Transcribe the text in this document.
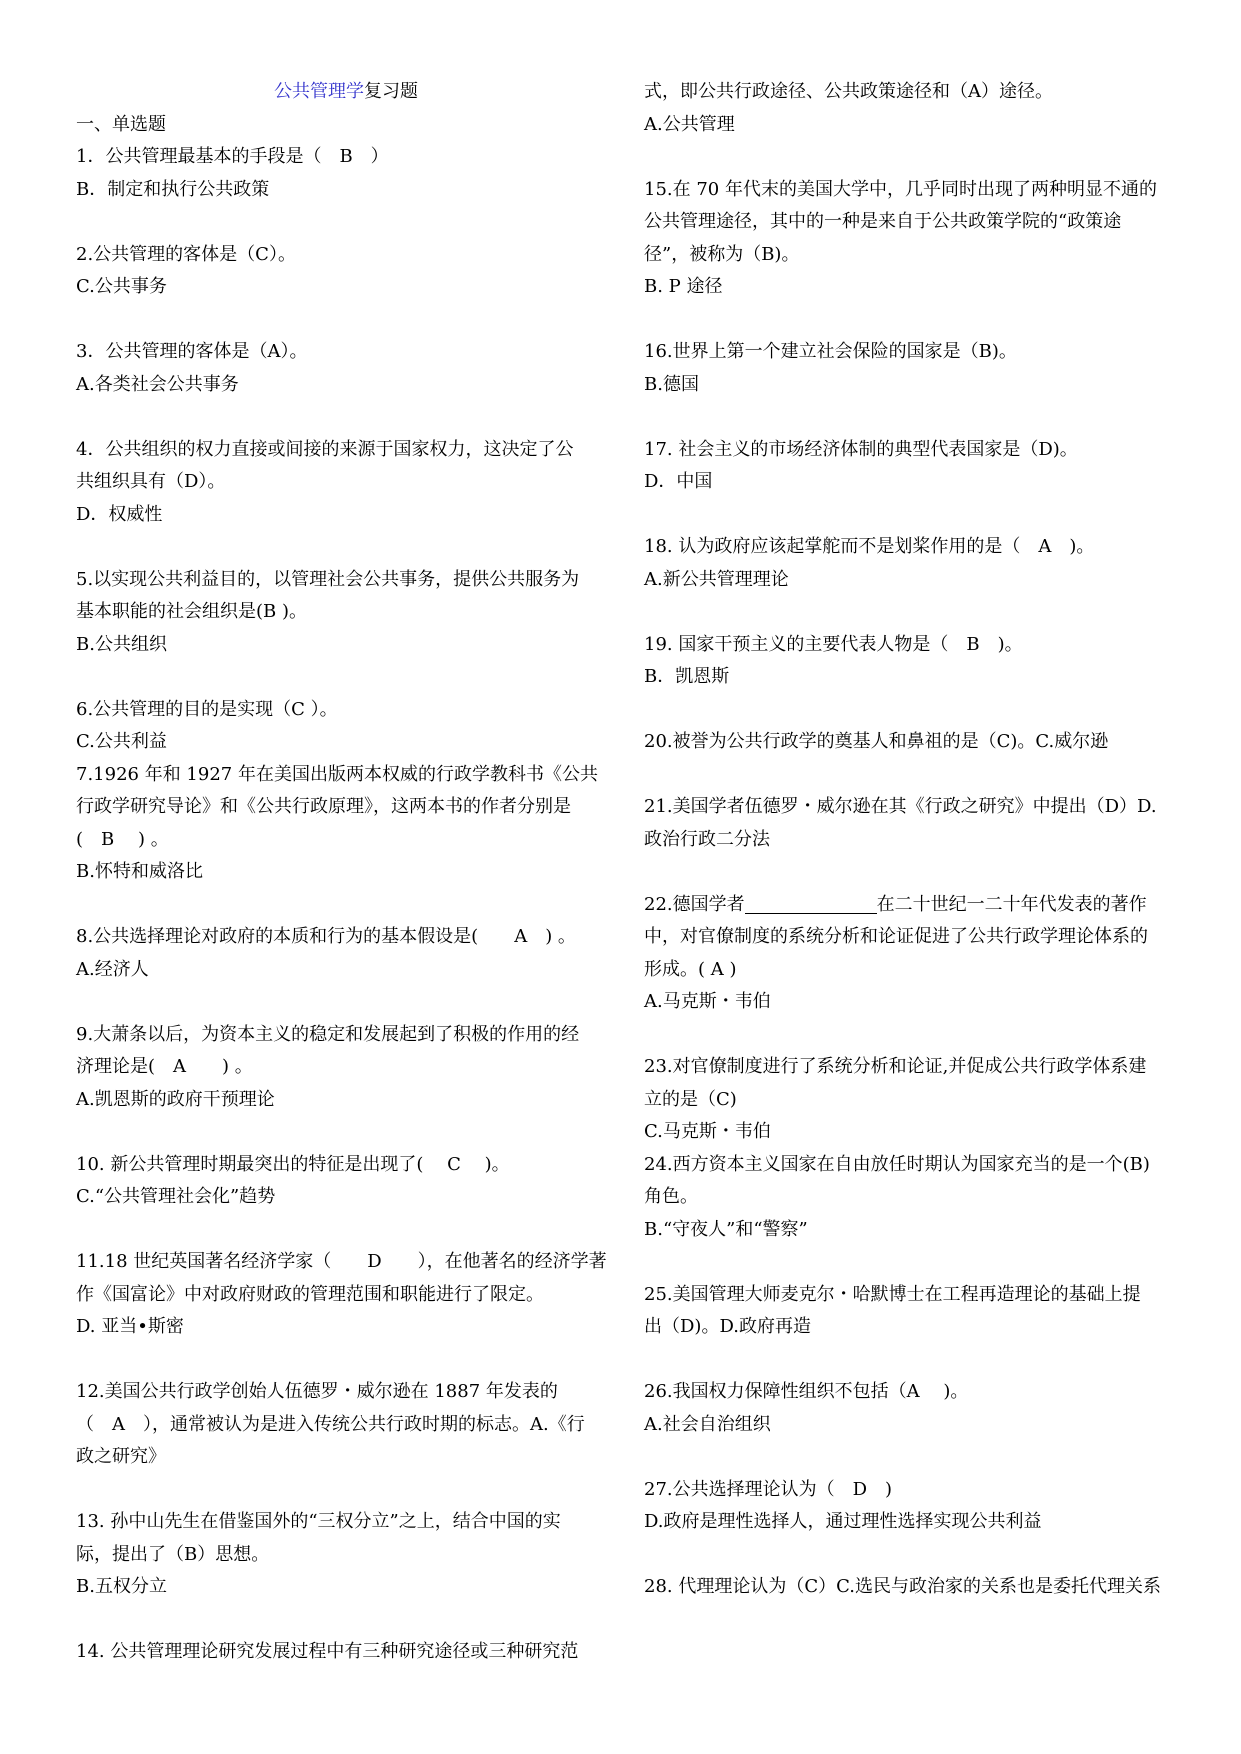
公共管理学复习题
一、单选题
1．公共管理最基本的手段是（　B　）
B．制定和执行公共政策
2.公共管理的客体是（C）。
C.公共事务
3．公共管理的客体是（A）。
A.各类社会公共事务
4．公共组织的权力直接或间接的来源于国家权力，这决定了公
共组织具有（D）。
D．权威性
5.以实现公共利益目的，以管理社会公共事务，提供公共服务为
基本职能的社会组织是(B )。
B.公共组织
6.公共管理的目的是实现（C ）。
C.公共利益
7.1926 年和 1927 年在美国出版两本权威的行政学教科书《公共
行政学研究导论》和《公共行政原理》，这两本书的作者分别是
(　B　 ) 。
B.怀特和威洛比
8.公共选择理论对政府的本质和行为的基本假设是(　　A　) 。
A.经济人
9.大萧条以后，为资本主义的稳定和发展起到了积极的作用的经
济理论是(　A　　) 。
A.凯恩斯的政府干预理论
10. 新公共管理时期最突出的特征是出现了(　 C　 )。
C.“公共管理社会化”趋势
11.18 世纪英国著名经济学家（　　D　　），在他著名的经济学著
作《国富论》中对政府财政的管理范围和职能进行了限定。
D. 亚当•斯密
12.美国公共行政学创始人伍德罗・威尔逊在 1887 年发表的
（　A　），通常被认为是进入传统公共行政时期的标志。A.《行
政之研究》
13. 孙中山先生在借鉴国外的“三权分立”之上，结合中国的实
际，提出了（B）思想。
B.五权分立
14. 公共管理理论研究发展过程中有三种研究途径或三种研究范
式，即公共行政途径、公共政策途径和（A）途径。
A.公共管理
15.在 70 年代末的美国大学中，几乎同时出现了两种明显不通的
公共管理途径，其中的一种是来自于公共政策学院的“政策途
径”，被称为（B)。
B. P 途径
16.世界上第一个建立社会保险的国家是（B)。
B.德国
17. 社会主义的市场经济体制的典型代表国家是（D)。
D．中国
18. 认为政府应该起掌舵而不是划桨作用的是（　A　)。
A.新公共管理理论
19. 国家干预主义的主要代表人物是（　B　)。
B．凯恩斯
20.被誉为公共行政学的奠基人和鼻祖的是（C)。C.威尔逊
21.美国学者伍德罗・威尔逊在其《行政之研究》中提出（D）D.
政治行政二分法
22.德国学者	在二十世纪一二十年代发表的著作
中，对官僚制度的系统分析和论证促进了公共行政学理论体系的
形成。( A )
A.马克斯・韦伯
23.对官僚制度进行了系统分析和论证,并促成公共行政学体系建
立的是（C)
C.马克斯・韦伯
24.西方资本主义国家在自由放任时期认为国家充当的是一个(B)
角色。
B.“守夜人”和“警察”
25.美国管理大师麦克尔・哈默博士在工程再造理论的基础上提
出（D)。D.政府再造
26.我国权力保障性组织不包括（A　 )。
A.社会自治组织
27.公共选择理论认为（　D　)
D.政府是理性选择人，通过理性选择实现公共利益
28. 代理理论认为（C）C.选民与政治家的关系也是委托代理关系
